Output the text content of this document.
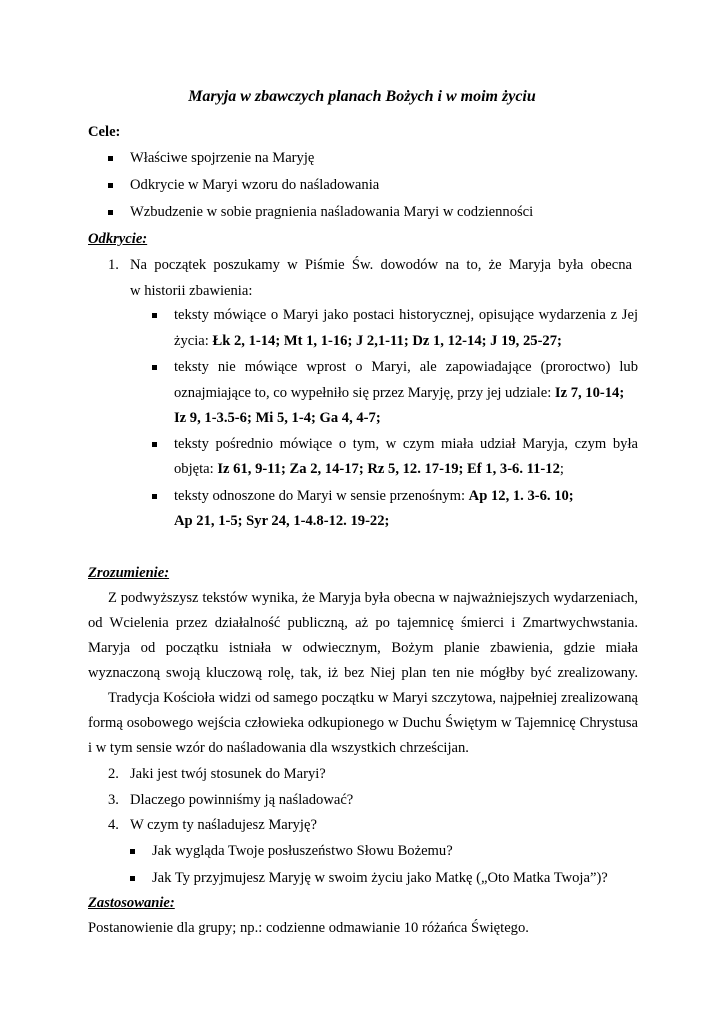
Maryja w zbawczych planach Bożych i w moim życiu
Cele:
Właściwe spojrzenie na Maryję
Odkrycie w Maryi wzoru do naśladowania
Wzbudzenie w sobie pragnienia naśladowania Maryi w codzienności
Odkrycie:
1. Na początek poszukamy w Piśmie Św. dowodów na to, że Maryja była obecna
w historii zbawienia:
teksty mówiące o Maryi jako postaci historycznej, opisujące wydarzenia z Jej
życia: Łk 2, 1-14; Mt 1, 1-16; J 2,1-11; Dz 1, 12-14; J 19, 25-27;
teksty nie mówiące wprost o Maryi, ale zapowiadające (proroctwo) lub
oznajmiające to, co wypełniło się przez Maryję, przy jej udziale: Iz 7, 10-14;
Iz 9, 1-3.5-6; Mi 5, 1-4; Ga 4, 4-7;
teksty pośrednio mówiące o tym, w czym miała udział Maryja, czym była
objęta: Iz 61, 9-11; Za 2, 14-17; Rz 5, 12. 17-19; Ef 1, 3-6. 11-12;
teksty odnoszone do Maryi w sensie przenośnym: Ap 12, 1. 3-6. 10;
Ap 21, 1-5; Syr 24, 1-4.8-12. 19-22;
Zrozumienie:
Z podwyższysz tekstów wynika, że Maryja była obecna w najważniejszych wydarzeniach,
od Wcielenia przez działalność publiczną, aż po tajemnicę śmierci i Zmartwychwstania.
Maryja od początku istniała w odwiecznym, Bożym planie zbawienia, gdzie miała
wyznaczoną swoją kluczową rolę, tak, iż bez Niej plan ten nie mógłby być zrealizowany.
Tradycja Kościoła widzi od samego początku w Maryi szczytowa, najpełniej zrealizowaną
formą osobowego wejścia człowieka odkupionego w Duchu Świętym w Tajemnicę Chrystusa
i w tym sensie wzór do naśladowania dla wszystkich chrześcijan.
2. Jaki jest twój stosunek do Maryi?
3. Dlaczego powinniśmy ją naśladować?
4. W czym ty naśladujesz Maryję?
Jak wygląda Twoje posłuszeństwo Słowu Bożemu?
Jak Ty przyjmujesz Maryję w swoim życiu jako Matkę („Oto Matka Twoja”)?
Zastosowanie:
Postanowienie dla grupy; np.: codzienne odmawianie 10 różańca Świętego.
